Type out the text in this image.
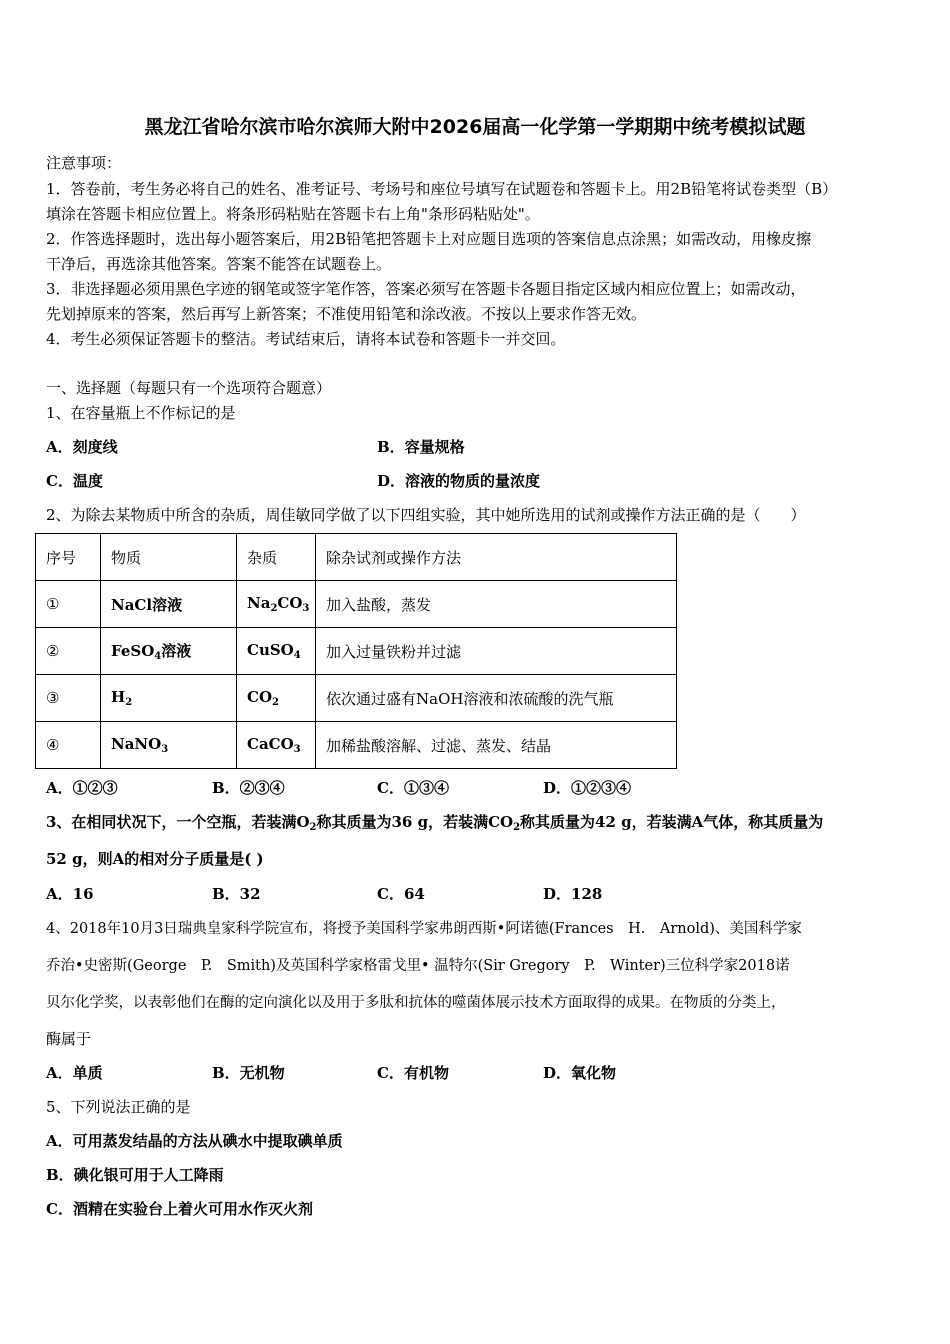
黑龙江省哈尔滨市哈尔滨师大附中2026届高一化学第一学期期中统考模拟试题
注意事项：
1．答卷前，考生务必将自己的姓名、准考证号、考场号和座位号填写在试题卷和答题卡上。用2B铅笔将试卷类型（B）
填涂在答题卡相应位置上。将条形码粘贴在答题卡右上角"条形码粘贴处"。
2．作答选择题时，选出每小题答案后，用2B铅笔把答题卡上对应题目选项的答案信息点涂黑；如需改动，用橡皮擦
干净后，再选涂其他答案。答案不能答在试题卷上。
3．非选择题必须用黑色字迹的钢笔或签字笔作答，答案必须写在答题卡各题目指定区域内相应位置上；如需改动，
先划掉原来的答案，然后再写上新答案；不准使用铅笔和涂改液。不按以上要求作答无效。
4．考生必须保证答题卡的整洁。考试结束后，请将本试卷和答题卡一并交回。
一、选择题（每题只有一个选项符合题意）
1、在容量瓶上不作标记的是
A．刻度线	B．容量规格
C．温度	D．溶液的物质的量浓度
2、为除去某物质中所含的杂质，周佳敏同学做了以下四组实验，其中她所选用的试剂或操作方法正确的是（　　）
序号	物质	杂质	除杂试剂或操作方法
①	NaCl溶液	$Na_2CO_3$	加入盐酸，蒸发
②	FeSO$_4$溶液	CuSO$_4$	加入过量铁粉并过滤
③	$H_2$	$CO_2$	依次通过盛有NaOH溶液和浓硫酸的洗气瓶
④	NaNO$_3$	CaCO$_3$	加稀盐酸溶解、过滤、蒸发、结晶
A．①②③	B．②③④	C．①③④	D．①②③④
3、在相同状况下，一个空瓶，若装满$O_2$称其质量为36 g，若装满$CO_2$称其质量为42 g，若装满A气体，称其质量为
52 g，则A的相对分子质量是( )
A．16	B．32	C．64	D．128
4、2018年10月3日瑞典皇家科学院宣布，将授予美国科学家弗朗西斯•阿诺德(Frances　H.　Arnold)、美国科学家
乔治•史密斯(George　P.　Smith)及英国科学家格雷戈里• 温特尔(Sir Gregory　P.　Winter)三位科学家2018诺
贝尔化学奖，以表彰他们在酶的定向演化以及用于多肽和抗体的噬菌体展示技术方面取得的成果。在物质的分类上，
酶属于
A．单质	B．无机物	C．有机物	D．氧化物
5、下列说法正确的是
A．可用蒸发结晶的方法从碘水中提取碘单质
B．碘化银可用于人工降雨
C．酒精在实验台上着火可用水作灭火剂
